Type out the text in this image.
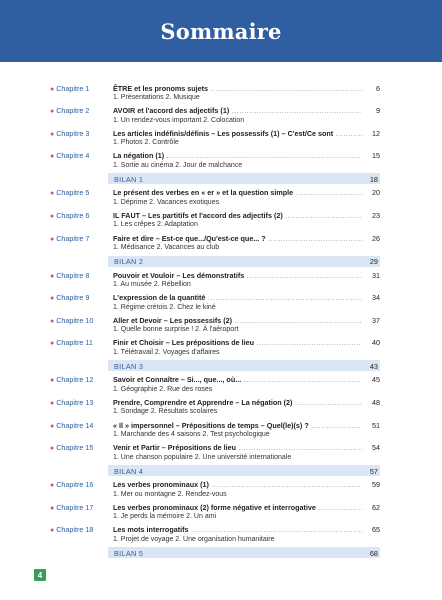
Sommaire
● Chapitre 1	ÊTRE et les pronoms sujets .....	6
1. Présentations 2. Musique
● Chapitre 2	AVOIR et l'accord des adjectifs (1) .....	9
1. Un rendez-vous important 2. Colocation
● Chapitre 3	Les articles indéfinis/définis – Les possessifs (1) – C'est/Ce sont .....	12
1. Photos 2. Contrôle
● Chapitre 4	La négation (1) .....	15
1. Sortie au cinéma 2. Jour de malchance
BILAN 1	18
● Chapitre 5	Le présent des verbes en « er » et la question simple .....	20
1. Déprime 2. Vacances exotiques
● Chapitre 6	IL FAUT – Les partitifs et l'accord des adjectifs (2) .....	23
1. Les crêpes 2. Adaptation
● Chapitre 7	Faire et dire – Est-ce que.../Qu'est-ce que... ? .....	26
1. Médisance 2. Vacances au club
BILAN 2	29
● Chapitre 8	Pouvoir et Vouloir – Les démonstratifs .....	31
1. Au musée 2. Rébellion
● Chapitre 9	L'expression de la quantité .....	34
1. Régime crétois 2. Chez le kiné
● Chapitre 10	Aller et Devoir – Les possessifs (2) .....	37
1. Quelle bonne surprise ! 2. À l'aéroport
● Chapitre 11	Finir et Choisir – Les prépositions de lieu .....	40
1. Télétravail 2. Voyages d'affaires
BILAN 3	43
● Chapitre 12	Savoir et Connaître – Si..., que..., où... .....	45
1. Géographie 2. Rue des roses
● Chapitre 13	Prendre, Comprendre et Apprendre – La négation (2) .....	48
1. Sondage 2. Résultats scolaires
● Chapitre 14	« Il » impersonnel – Prépositions de temps – Quel(le)(s) ? .....	51
1. Marchande des 4 saisons 2. Test psychologique
● Chapitre 15	Venir et Partir – Prépositions de lieu .....	54
1. Une chanson populaire 2. Une université internationale
BILAN 4	57
● Chapitre 16	Les verbes pronominaux (1) .....	59
1. Mer ou montagne 2. Rendez-vous
● Chapitre 17	Les verbes pronominaux (2) forme négative et interrogative .....	62
1. Je perds la mémoire 2. Un ami
● Chapitre 18	Les mots interrogatifs .....	65
1. Projet de voyage 2. Une organisation humanitaire
BILAN 5	68
4
